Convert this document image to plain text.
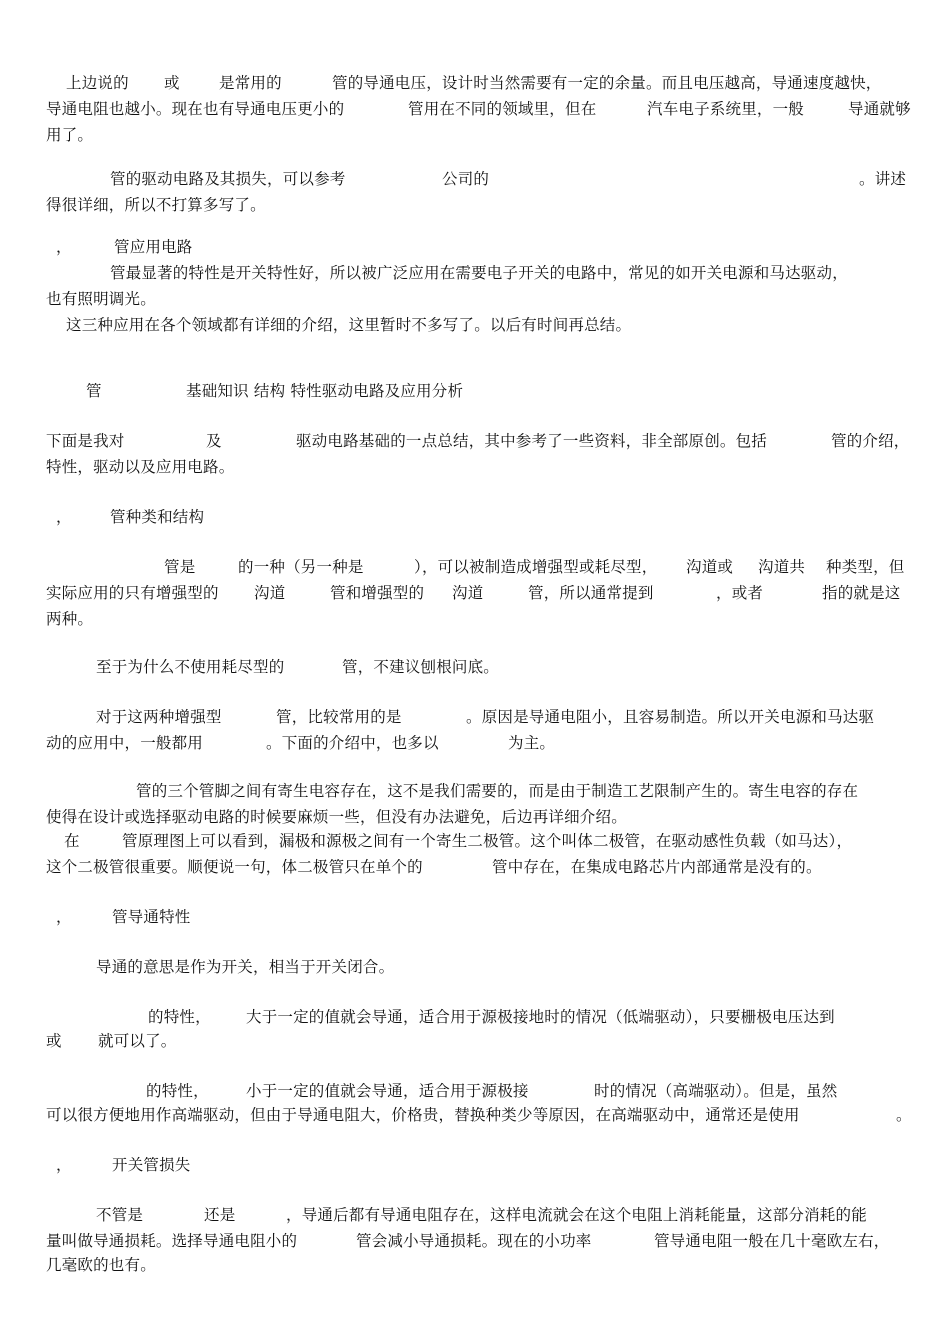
上边说的 或	是常用的	管的导通电压，设计时当然需要有一定的余量。而且电压越高，导通速度越快，
导通电阻也越小。现在也有导通电压更小的	管用在不同的领域里，但在	汽车电子系统里，一般	导通就够
用了。
管的驱动电路及其损失，可以参考	公司的	。讲述
得很详细，所以不打算多写了。
，	管应用电路
管最显著的特性是开关特性好，所以被广泛应用在需要电子开关的电路中，常见的如开关电源和马达驱动，
也有照明调光。
这三种应用在各个领域都有详细的介绍，这里暂时不多写了。以后有时间再总结。
管	基础知识 结构 特性驱动电路及应用分析
下面是我对	及	驱动电路基础的一点总结，其中参考了一些资料，非全部原创。包括	管的介绍，
特性，驱动以及应用电路。
， 管种类和结构
管是	的一种（另一种是	），可以被制造成增强型或耗尽型， 沟道或 沟道共 种类型，但
实际应用的只有增强型的 沟道	管和增强型的 沟道	管，所以通常提到	，或者	指的就是这
两种。
至于为什么不使用耗尽型的	管，不建议刨根问底。
对于这两种增强型	管，比较常用的是	。原因是导通电阻小，且容易制造。所以开关电源和马达驱
动的应用中，一般都用	。下面的介绍中，也多以	为主。
管的三个管脚之间有寄生电容存在，这不是我们需要的，而是由于制造工艺限制产生的。寄生电容的存在
使得在设计或选择驱动电路的时候要麻烦一些，但没有办法避免，后边再详细介绍。
在	管原理图上可以看到，漏极和源极之间有一个寄生二极管。这个叫体二极管，在驱动感性负载（如马达），
这个二极管很重要。顺便说一句，体二极管只在单个的	管中存在，在集成电路芯片内部通常是没有的。
，	管导通特性
导通的意思是作为开关，相当于开关闭合。
的特性， 大于一定的值就会导通，适合用于源极接地时的情况（低端驱动），只要栅极电压达到
或 就可以了。
的特性， 小于一定的值就会导通，适合用于源极接	时的情况（高端驱动）。但是，虽然
可以很方便地用作高端驱动，但由于导通电阻大，价格贵，替换种类少等原因，在高端驱动中，通常还是使用	。
，	开关管损失
不管是	还是	，导通后都有导通电阻存在，这样电流就会在这个电阻上消耗能量，这部分消耗的能
量叫做导通损耗。选择导通电阻小的	管会减小导通损耗。现在的小功率	管导通电阻一般在几十毫欧左右，
几毫欧的也有。
